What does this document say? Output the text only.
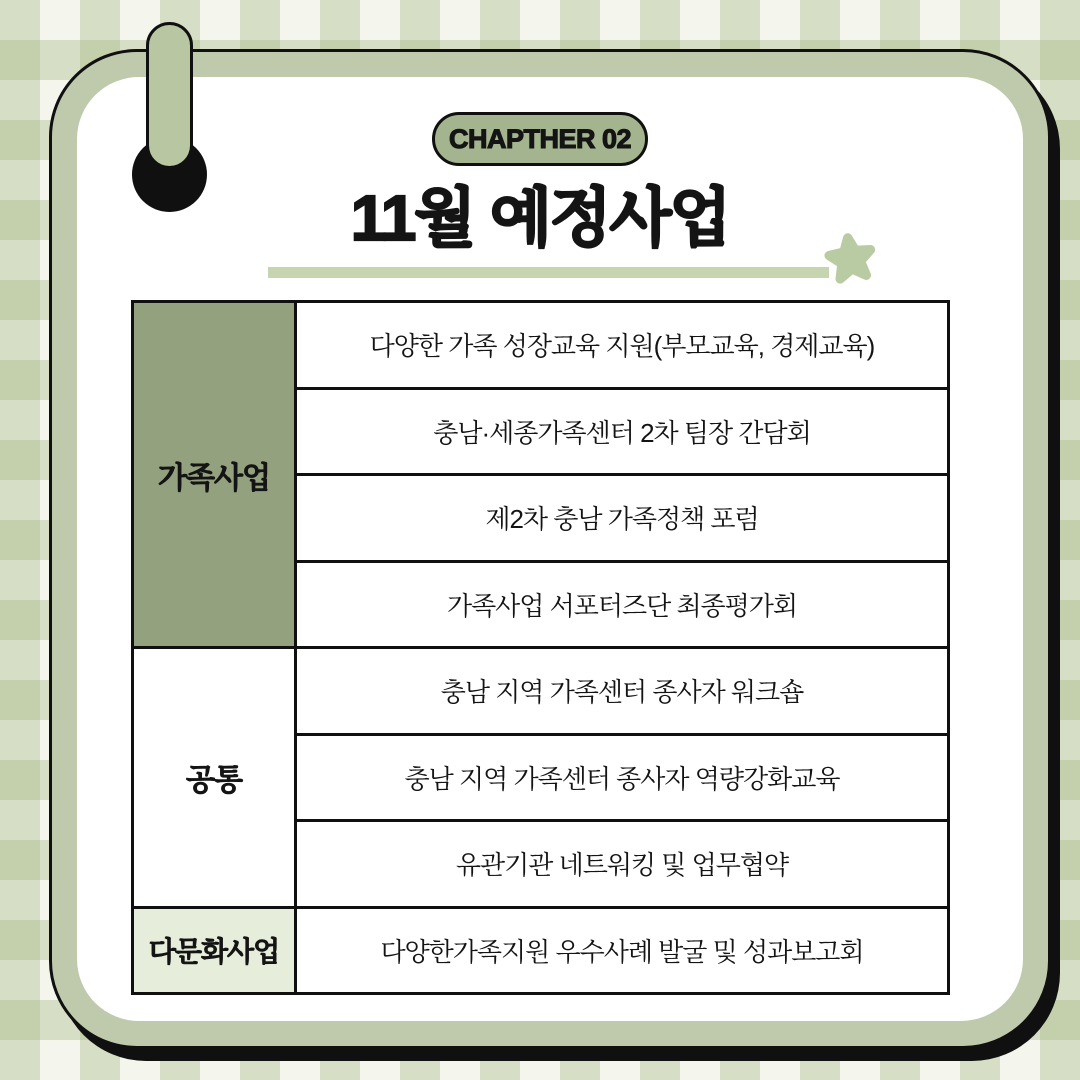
CHAPTHER 02
11월 예정사업
가족사업	다양한 가족 성장교육 지원(부모교육, 경제교육)
	충남·세종가족센터 2차 팀장 간담회
	제2차 충남 가족정책 포럼
	가족사업 서포터즈단 최종평가회
공통	충남 지역 가족센터 종사자 워크숍
	충남 지역 가족센터 종사자 역량강화교육
	유관기관 네트워킹 및 업무협약
다문화사업	다양한가족지원 우수사례 발굴 및 성과보고회
